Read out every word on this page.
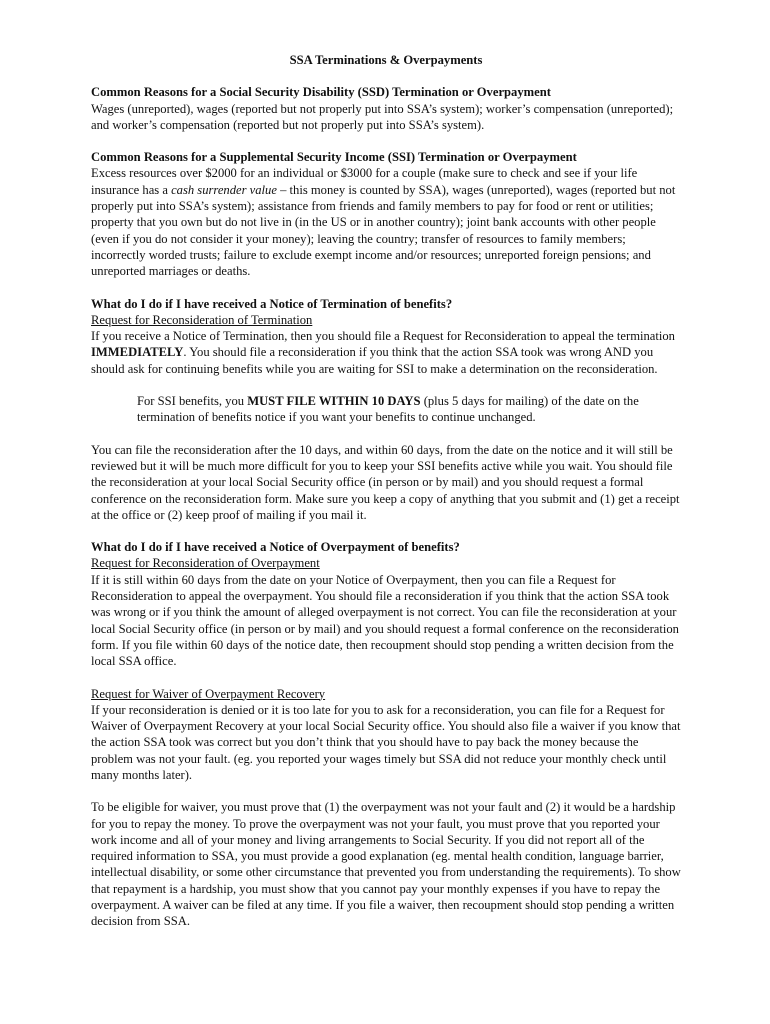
SSA Terminations & Overpayments

Common Reasons for a Social Security Disability (SSD) Termination or Overpayment

Wages (unreported), wages (reported but not properly put into SSA’s system); worker’s compensation (unreported); and worker’s compensation (reported but not properly put into SSA’s system).

Common Reasons for a Supplemental Security Income (SSI) Termination or Overpayment

Excess resources over $2000 for an individual or $3000 for a couple (make sure to check and see if your life insurance has a cash surrender value – this money is counted by SSA), wages (unreported), wages (reported but not properly put into SSA’s system); assistance from friends and family members to pay for food or rent or utilities; property that you own but do not live in (in the US or in another country); joint bank accounts with other people (even if you do not consider it your money); leaving the country; transfer of resources to family members; incorrectly worded trusts; failure to exclude exempt income and/or resources; unreported foreign pensions; and unreported marriages or deaths.

What do I do if I have received a Notice of Termination of benefits?

Request for Reconsideration of Termination

If you receive a Notice of Termination, then you should file a Request for Reconsideration to appeal the termination IMMEDIATELY. You should file a reconsideration if you think that the action SSA took was wrong AND you should ask for continuing benefits while you are waiting for SSI to make a determination on the reconsideration.

For SSI benefits, you MUST FILE WITHIN 10 DAYS (plus 5 days for mailing) of the date on the termination of benefits notice if you want your benefits to continue unchanged.

You can file the reconsideration after the 10 days, and within 60 days, from the date on the notice and it will still be reviewed but it will be much more difficult for you to keep your SSI benefits active while you wait. You should file the reconsideration at your local Social Security office (in person or by mail) and you should request a formal conference on the reconsideration form. Make sure you keep a copy of anything that you submit and (1) get a receipt at the office or (2) keep proof of mailing if you mail it.

What do I do if I have received a Notice of Overpayment of benefits?

Request for Reconsideration of Overpayment

If it is still within 60 days from the date on your Notice of Overpayment, then you can file a Request for Reconsideration to appeal the overpayment. You should file a reconsideration if you think that the action SSA took was wrong or if you think the amount of alleged overpayment is not correct. You can file the reconsideration at your local Social Security office (in person or by mail) and you should request a formal conference on the reconsideration form. If you file within 60 days of the notice date, then recoupment should stop pending a written decision from the local SSA office.

Request for Waiver of Overpayment Recovery

If your reconsideration is denied or it is too late for you to ask for a reconsideration, you can file for a Request for Waiver of Overpayment Recovery at your local Social Security office. You should also file a waiver if you know that the action SSA took was correct but you don’t think that you should have to pay back the money because the problem was not your fault. (eg. you reported your wages timely but SSA did not reduce your monthly check until many months later).

To be eligible for waiver, you must prove that (1) the overpayment was not your fault and (2) it would be a hardship for you to repay the money. To prove the overpayment was not your fault, you must prove that you reported your work income and all of your money and living arrangements to Social Security. If you did not report all of the required information to SSA, you must provide a good explanation (eg. mental health condition, language barrier, intellectual disability, or some other circumstance that prevented you from understanding the requirements). To show that repayment is a hardship, you must show that you cannot pay your monthly expenses if you have to repay the overpayment. A waiver can be filed at any time. If you file a waiver, then recoupment should stop pending a written decision from SSA.
